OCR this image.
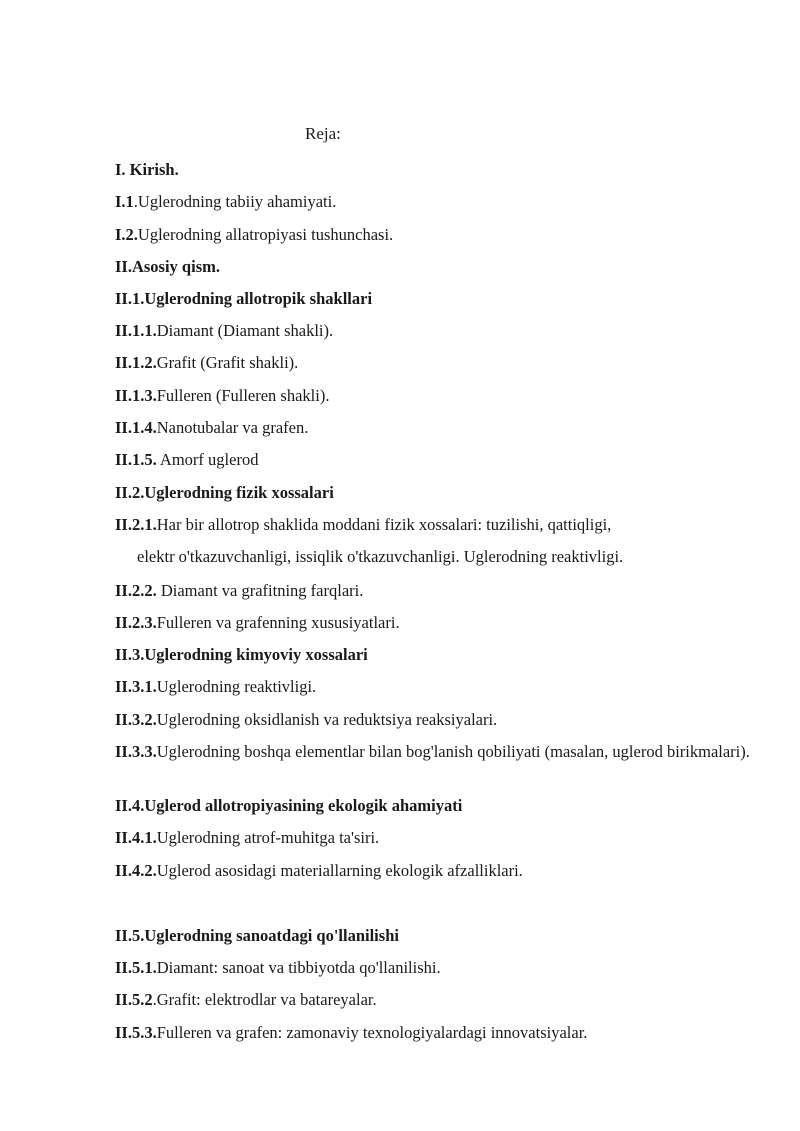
Reja:
I. Kirish.
I.1.Uglerodning tabiiy ahamiyati.
I.2.Uglerodning allatropiyasi tushunchasi.
II.Asosiy qism.
II.1.Uglerodning allotropik shakllari
II.1.1.Diamant (Diamant shakli).
II.1.2.Grafit (Grafit shakli).
II.1.3.Fulleren (Fulleren shakli).
II.1.4.Nanotubalar va grafen.
II.1.5. Amorf uglerod
II.2.Uglerodning fizik xossalari
II.2.1.Har bir allotrop shaklida moddani fizik xossalari: tuzilishi, qattiqligi,
elektr o'tkazuvchanligi, issiqlik o'tkazuvchanligi. Uglerodning reaktivligi.
II.2.2. Diamant va grafitning farqlari.
II.2.3.Fulleren va grafenning xususiyatlari.
II.3.Uglerodning kimyoviy xossalari
II.3.1.Uglerodning reaktivligi.
II.3.2.Uglerodning oksidlanish va reduktsiya reaksiyalari.
II.3.3.Uglerodning boshqa elementlar bilan bog'lanish qobiliyati (masalan, uglerod birikmalari).
II.4.Uglerod allotropiyasining ekologik ahamiyati
II.4.1.Uglerodning atrof-muhitga ta'siri.
II.4.2.Uglerod asosidagi materiallarning ekologik afzalliklari.
II.5.Uglerodning sanoatdagi qo'llanilishi
II.5.1.Diamant: sanoat va tibbiyotda qo'llanilishi.
II.5.2.Grafit: elektrodlar va batareyalar.
II.5.3.Fulleren va grafen: zamonaviy texnologiyalardagi innovatsiyalar.
